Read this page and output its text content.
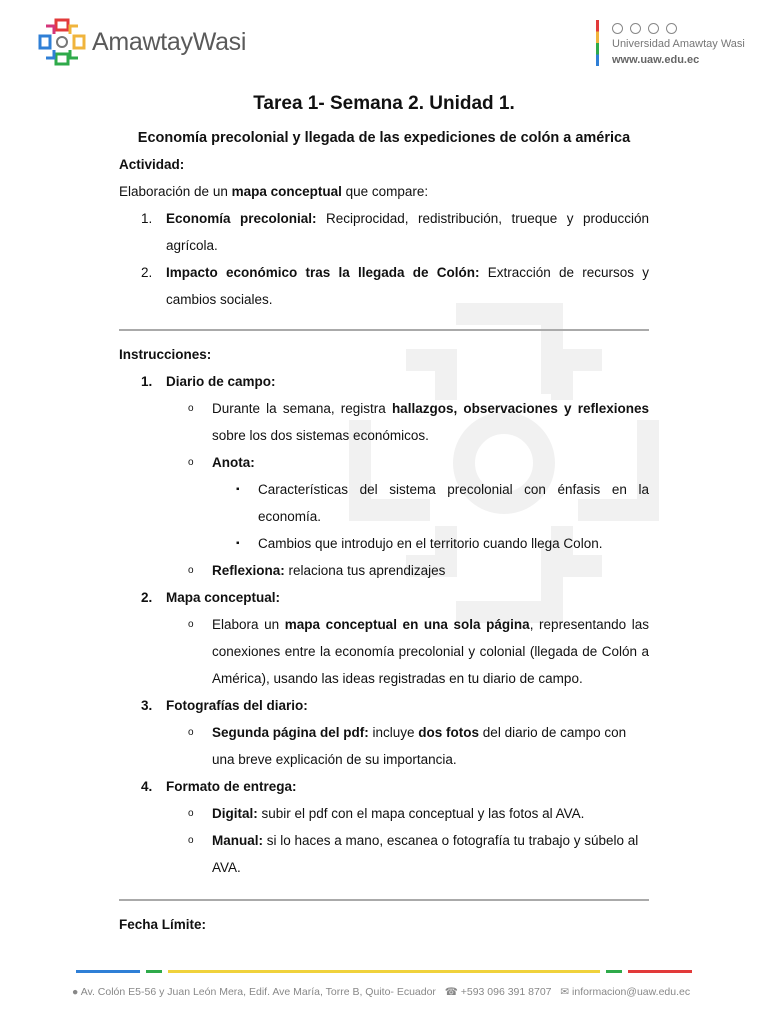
AmawtayWasi	Universidad Amawtay Wasi
www.uaw.edu.ec
Tarea 1- Semana 2. Unidad 1.
Economía precolonial y llegada de las expediciones de colón a américa
Actividad:
Elaboración de un mapa conceptual que compare:
1. Economía precolonial: Reciprocidad, redistribución, trueque y producción agrícola.
2. Impacto económico tras la llegada de Colón: Extracción de recursos y cambios sociales.
Instrucciones:
1. Diario de campo:
o Durante la semana, registra hallazgos, observaciones y reflexiones sobre los dos sistemas económicos.
o Anota:
▪ Características del sistema precolonial con énfasis en la economía.
▪ Cambios que introdujo en el territorio cuando llega Colon.
o Reflexiona: relaciona tus aprendizajes
2. Mapa conceptual:
o Elabora un mapa conceptual en una sola página, representando las conexiones entre la economía precolonial y colonial (llegada de Colón a América), usando las ideas registradas en tu diario de campo.
3. Fotografías del diario:
o Segunda página del pdf: incluye dos fotos del diario de campo con una breve explicación de su importancia.
4. Formato de entrega:
o Digital: subir el pdf con el mapa conceptual y las fotos al AVA.
o Manual: si lo haces a mano, escanea o fotografía tu trabajo y súbelo al AVA.
Fecha Límite:
● Av. Colón E5-56 y Juan León Mera, Edif. Ave María, Torre B, Quito- Ecuador ☎ +593 096 391 8707 ✉ informacion@uaw.edu.ec
